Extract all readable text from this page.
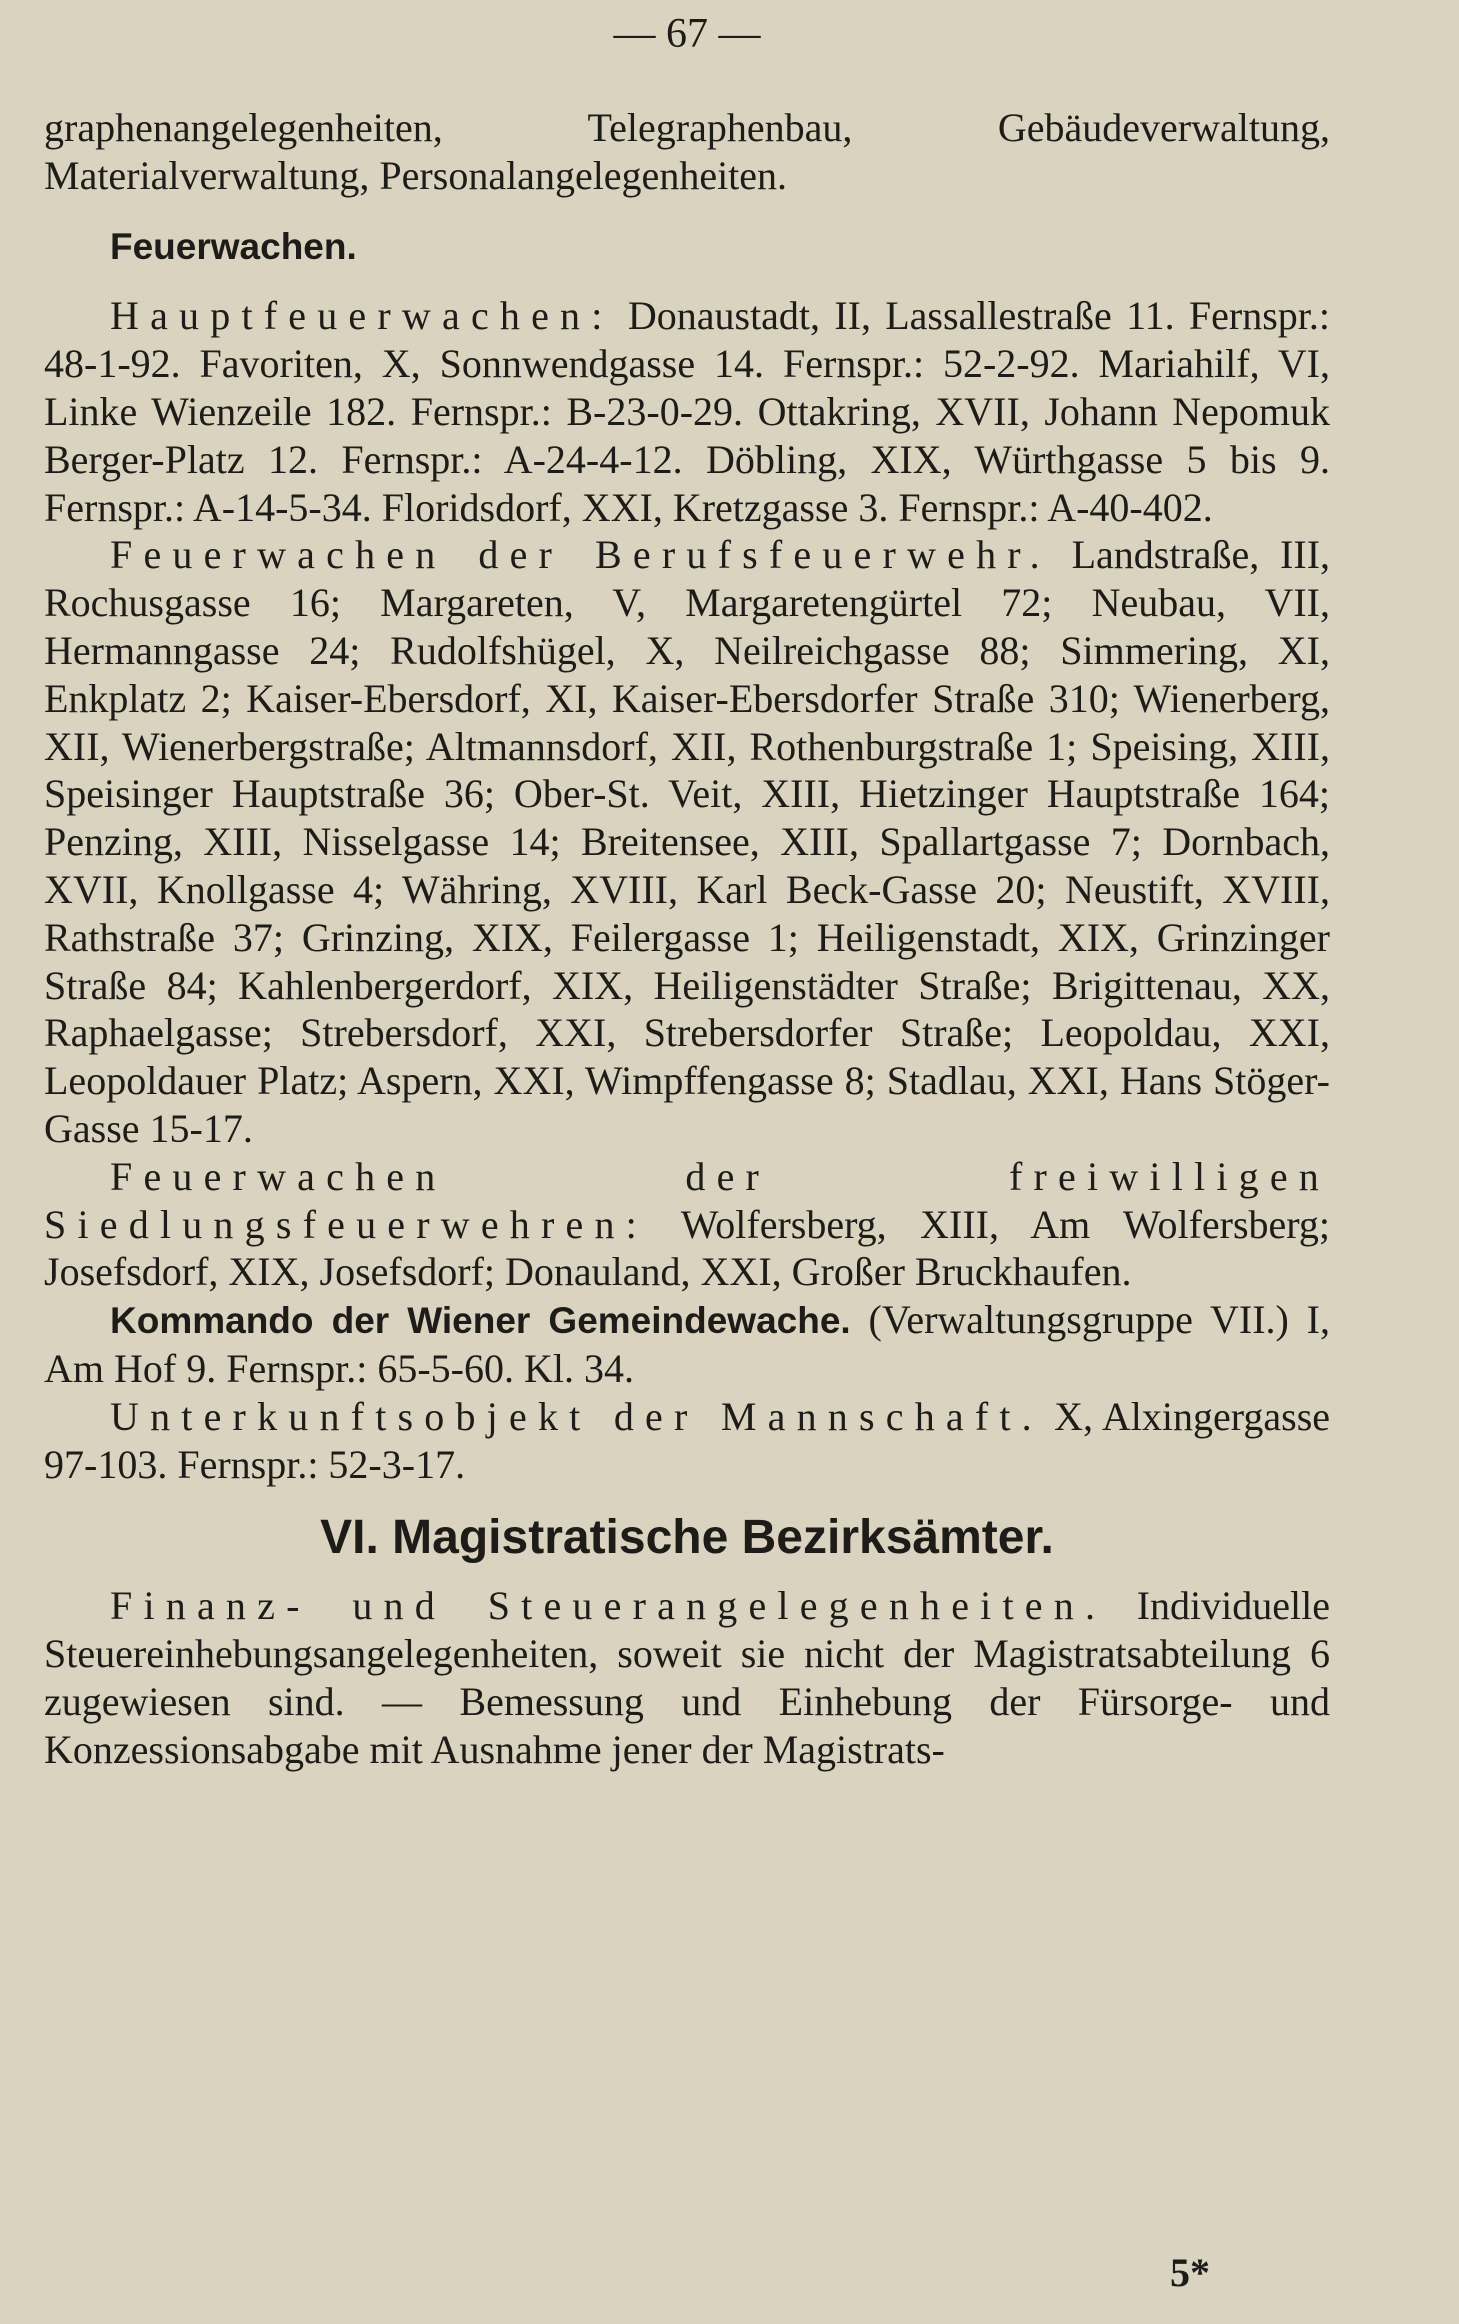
— 67 —

graphenangelegenheiten, Telegraphenbau, Gebäudeverwaltung, Materialverwaltung, Personalangelegenheiten.

Feuerwachen.

Hauptfeuerwachen: Donaustadt, II, Lassallestraße 11. Fernspr.: 48-1-92. Favoriten, X, Sonnwendgasse 14. Fernspr.: 52-2-92. Mariahilf, VI, Linke Wienzeile 182. Fernspr.: B-23-0-29. Ottakring, XVII, Johann Nepomuk Berger-Platz 12. Fernspr.: A-24-4-12. Döbling, XIX, Würthgasse 5 bis 9. Fernspr.: A-14-5-34. Floridsdorf, XXI, Kretzgasse 3. Fernspr.: A-40-402.

Feuerwachen der Berufsfeuerwehr. Landstraße, III, Rochusgasse 16; Margareten, V, Margaretengürtel 72; Neubau, VII, Hermanngasse 24; Rudolfshügel, X, Neilreichgasse 88; Simmering, XI, Enkplatz 2; Kaiser-Ebersdorf, XI, Kaiser-Ebersdorfer Straße 310; Wienerberg, XII, Wienerbergstraße; Altmannsdorf, XII, Rothenburgstraße 1; Speising, XIII, Speisinger Hauptstraße 36; Ober-St. Veit, XIII, Hietzinger Hauptstraße 164; Penzing, XIII, Nisselgasse 14; Breitensee, XIII, Spallartgasse 7; Dornbach, XVII, Knollgasse 4; Währing, XVIII, Karl Beck-Gasse 20; Neustift, XVIII, Rathstraße 37; Grinzing, XIX, Feilergasse 1; Heiligenstadt, XIX, Grinzinger Straße 84; Kahlenbergerdorf, XIX, Heiligenstädter Straße; Brigittenau, XX, Raphaelgasse; Strebersdorf, XXI, Strebersdorfer Straße; Leopoldau, XXI, Leopoldauer Platz; Aspern, XXI, Wimpffengasse 8; Stadlau, XXI, Hans Stöger-Gasse 15-17.

Feuerwachen der freiwilligen Siedlungsfeuerwehren: Wolfersberg, XIII, Am Wolfersberg; Josefsdorf, XIX, Josefsdorf; Donauland, XXI, Großer Bruckhaufen.

Kommando der Wiener Gemeindewache. (Verwaltungsgruppe VII.) I, Am Hof 9. Fernspr.: 65-5-60. Kl. 34.

Unterkunftsobjekt der Mannschaft. X, Alxingergasse 97-103. Fernspr.: 52-3-17.

VI. Magistratische Bezirksämter.

Finanz- und Steuerangelegenheiten. Individuelle Steuereinhebungsangelegenheiten, soweit sie nicht der Magistratsabteilung 6 zugewiesen sind. — Bemessung und Einhebung der Fürsorge- und Konzessionsabgabe mit Ausnahme jener der Magistrats-

5*
